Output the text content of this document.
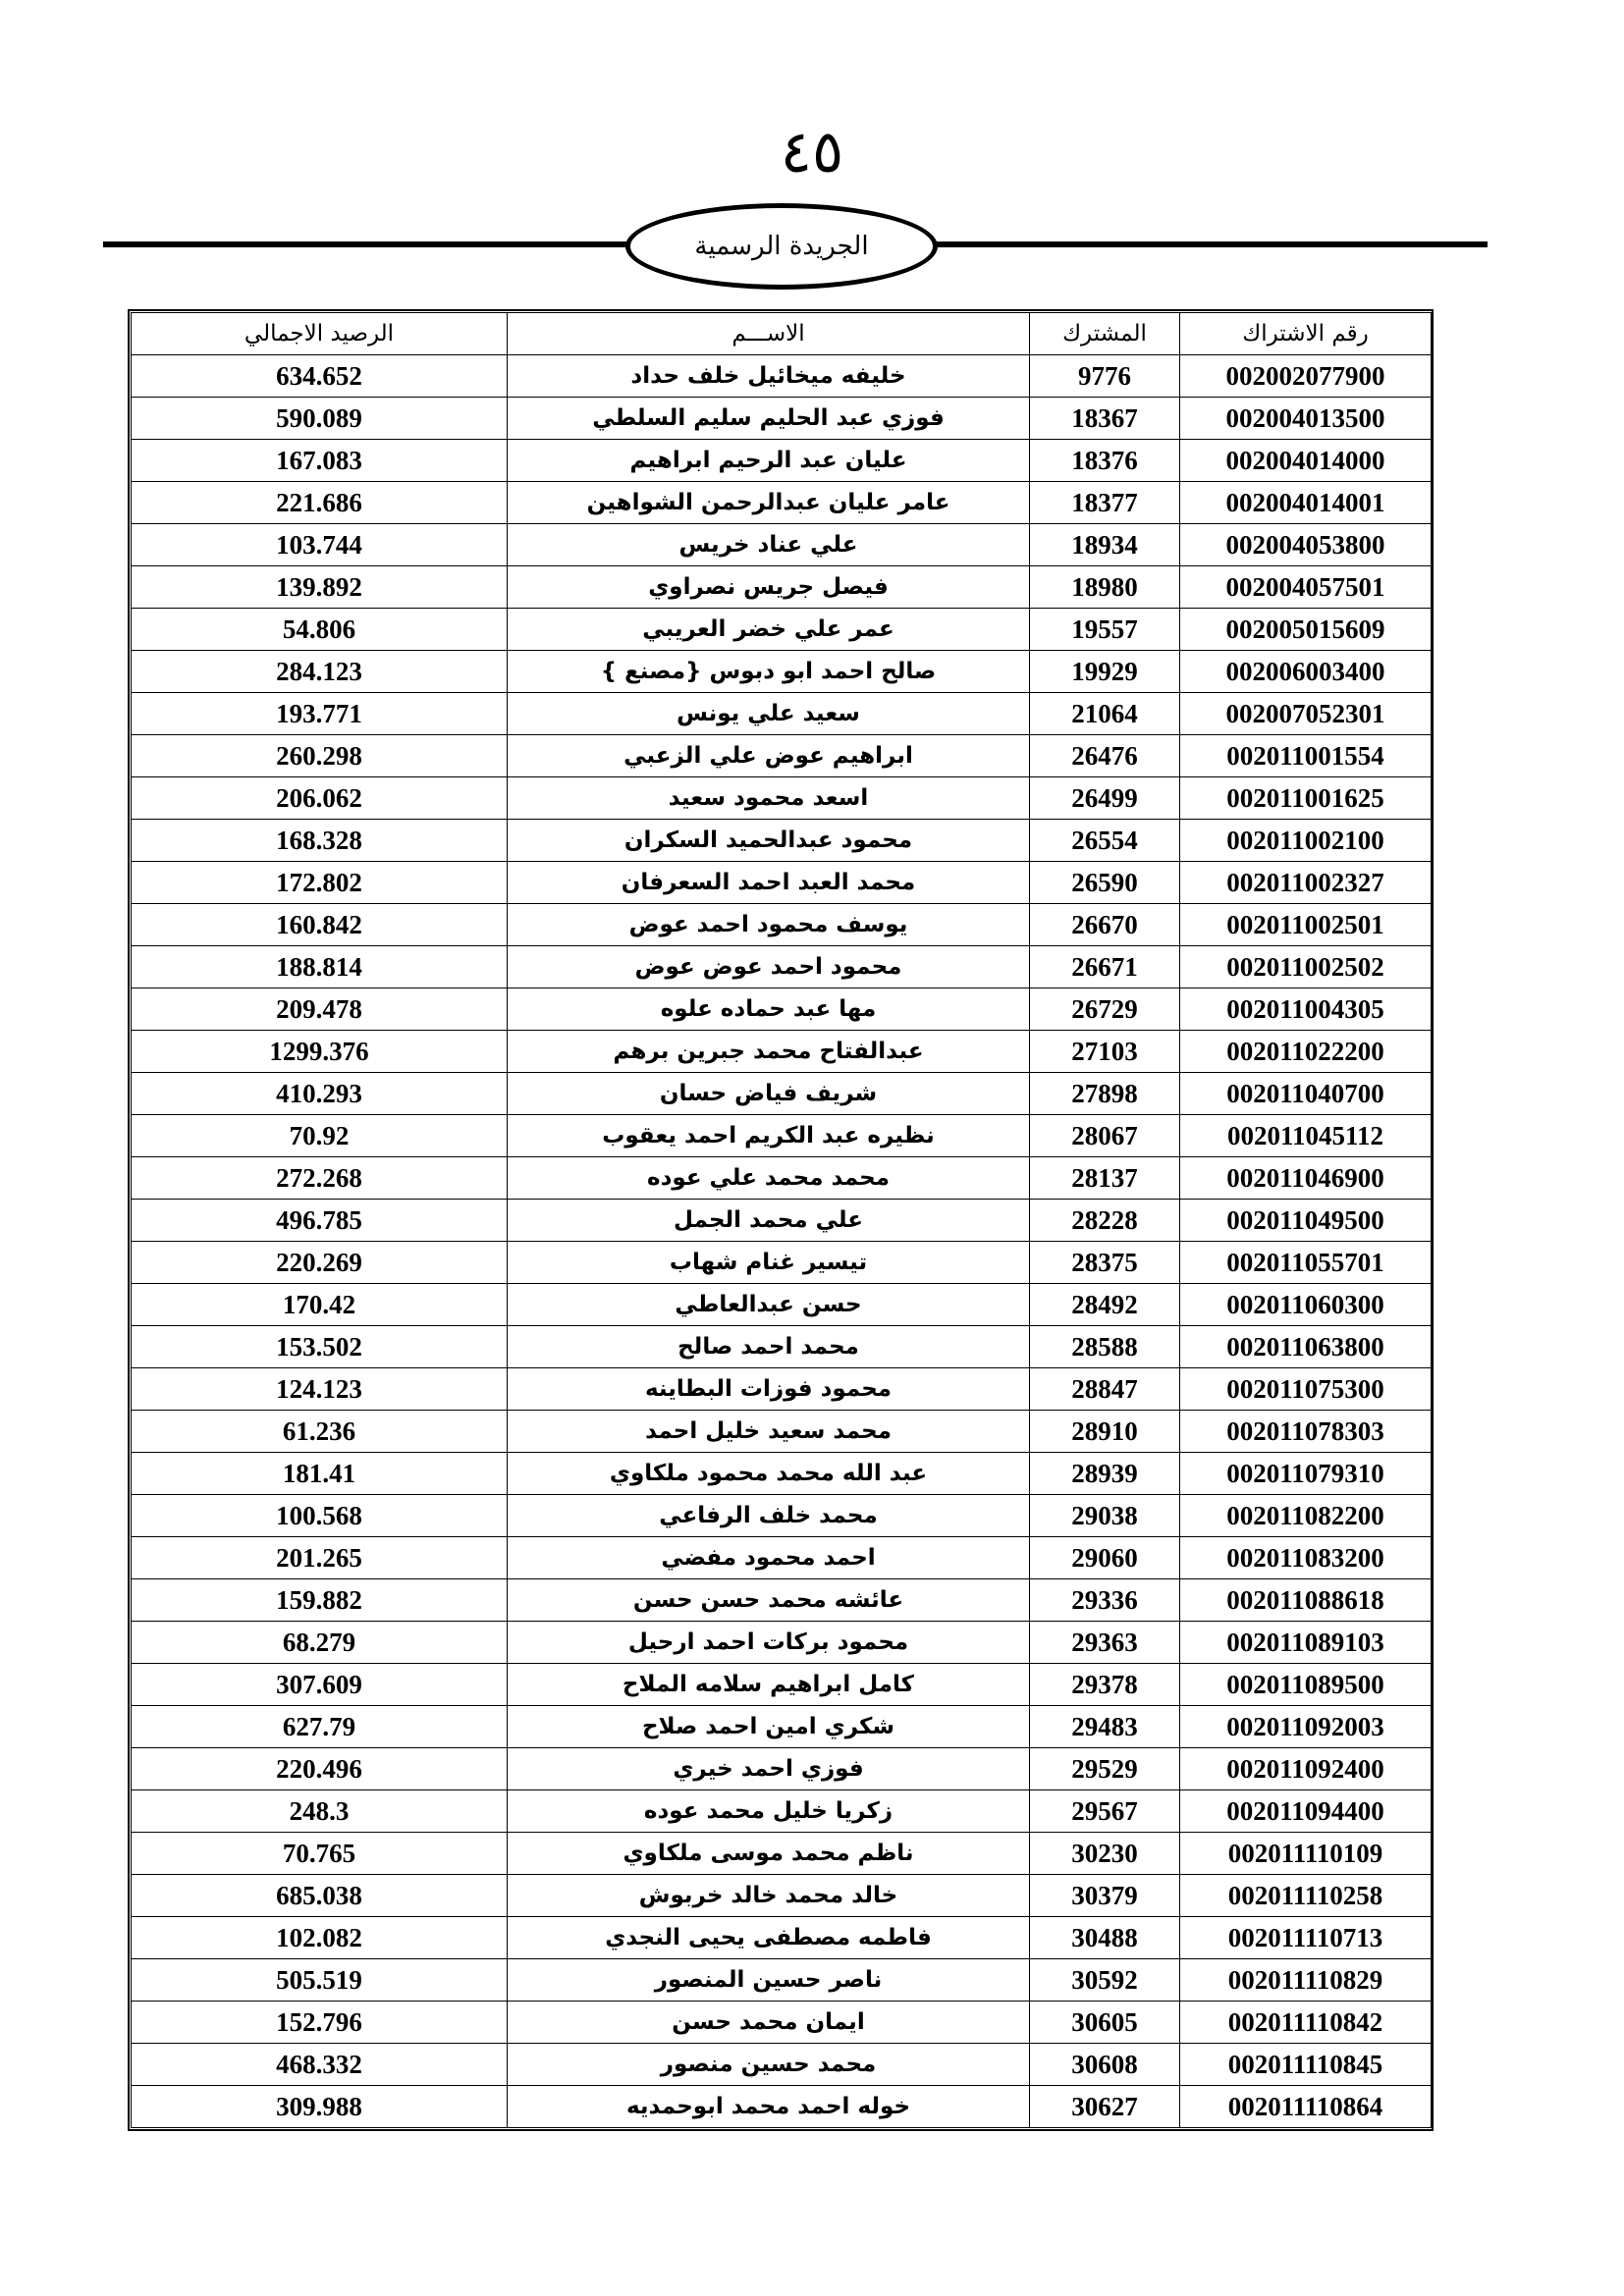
٤٥
الجريدة الرسمية
الرصيد الاجمالي	الاســـم	المشترك	رقم الاشتراك
634.652	خليفه ميخائيل خلف حداد	9776	002002077900
590.089	فوزي عبد الحليم سليم السلطي	18367	002004013500
167.083	عليان عبد الرحيم ابراهيم	18376	002004014000
221.686	عامر عليان عبدالرحمن الشواهين	18377	002004014001
103.744	علي عناد خريس	18934	002004053800
139.892	فيصل جريس نصراوي	18980	002004057501
54.806	عمر علي خضر العريبي	19557	002005015609
284.123	صالح احمد ابو دبوس {مصنع }	19929	002006003400
193.771	سعيد علي يونس	21064	002007052301
260.298	ابراهيم عوض علي الزعبي	26476	002011001554
206.062	اسعد محمود سعيد	26499	002011001625
168.328	محمود عبدالحميد السكران	26554	002011002100
172.802	محمد العبد احمد السعرفان	26590	002011002327
160.842	يوسف محمود احمد عوض	26670	002011002501
188.814	محمود احمد عوض عوض	26671	002011002502
209.478	مها عبد حماده علوه	26729	002011004305
1299.376	عبدالفتاح محمد جبرين برهم	27103	002011022200
410.293	شريف فياض حسان	27898	002011040700
70.92	نظيره عبد الكريم احمد يعقوب	28067	002011045112
272.268	محمد محمد علي عوده	28137	002011046900
496.785	علي محمد الجمل	28228	002011049500
220.269	تيسير غنام شهاب	28375	002011055701
170.42	حسن عبدالعاطي	28492	002011060300
153.502	محمد احمد صالح	28588	002011063800
124.123	محمود فوزات البطاينه	28847	002011075300
61.236	محمد سعيد خليل احمد	28910	002011078303
181.41	عبد الله محمد محمود ملكاوي	28939	002011079310
100.568	محمد خلف الرفاعي	29038	002011082200
201.265	احمد محمود مفضي	29060	002011083200
159.882	عائشه محمد حسن حسن	29336	002011088618
68.279	محمود بركات احمد ارحيل	29363	002011089103
307.609	كامل ابراهيم سلامه الملاح	29378	002011089500
627.79	شكري امين احمد صلاح	29483	002011092003
220.496	فوزي احمد خيري	29529	002011092400
248.3	زكريا خليل محمد عوده	29567	002011094400
70.765	ناظم محمد موسى ملكاوي	30230	002011110109
685.038	خالد محمد خالد خربوش	30379	002011110258
102.082	فاطمه مصطفى يحيى النجدي	30488	002011110713
505.519	ناصر حسين المنصور	30592	002011110829
152.796	ايمان محمد حسن	30605	002011110842
468.332	محمد حسين منصور	30608	002011110845
309.988	خوله احمد محمد ابوحمديه	30627	002011110864
